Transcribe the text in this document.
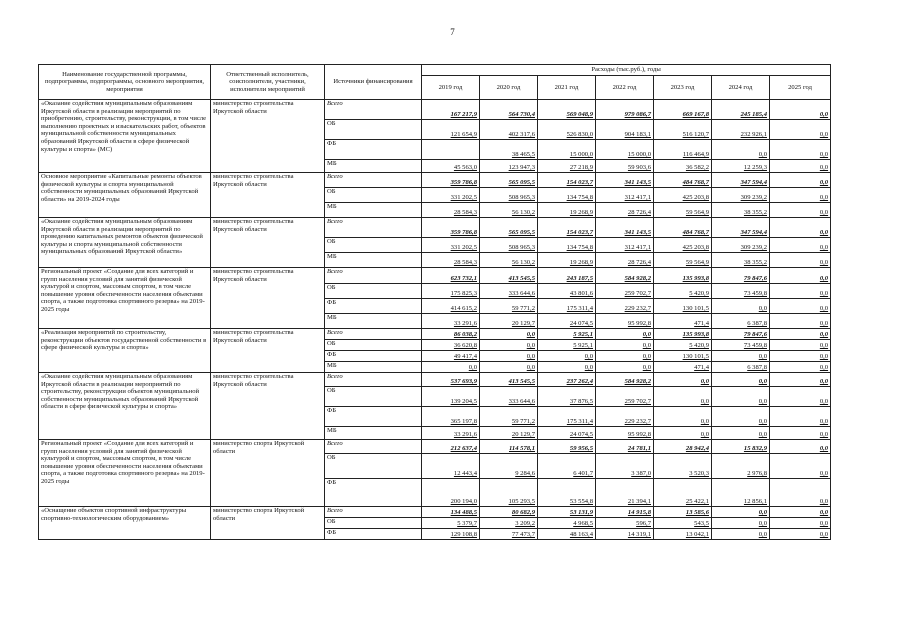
7
Наименование государственной программы, подпрограммы, подпрограммы, основного мероприятия, мероприятия	Ответственный исполнитель, соисполнители, участники, исполнители мероприятий	Источники финансирования	Расходы (тыс.руб.), годы						
			2019 год	2020 год	2021 год	2022 год	2023 год	2024 год	2025 год
«Оказание содействия муниципальным образованиям Иркутской области в реализации мероприятий по приобретению, строительству, реконструкции, в том числе выполнению проектных и изыскательских работ, объектов муниципальной собственности муниципальных образований Иркутской области в сфере физической культуры и спорта» (МС)	министерство строительства Иркутской области	Всего	167 217,9	564 730,4	569 048,9	979 086,7	669 167,8	245 185,4	0,0
		ОБ	121 654,9	402 317,6	526 830,0	904 183,1	516 120,7	232 926,1	0,0
		ФБ		38 465,5	15 000,0	15 000,0	116 464,9	0,0	0,0
		МБ	45 563,0	123 947,3	27 218,9	59 903,6	36 582,2	12 259,3	0,0
Основное мероприятие «Капитальные ремонты объектов физической культуры и спорта муниципальной собственности муниципальных образований Иркутской области» на 2019-2024 годы	министерство строительства Иркутской области	Всего	359 786,8	565 095,5	154 023,7	341 143,5	484 768,7	347 594,4	0,0
		ОБ	331 202,5	508 965,3	134 754,8	312 417,1	425 203,8	309 239,2	0,0
		МБ	28 584,3	56 130,2	19 268,9	28 726,4	59 564,9	38 355,2	0,0
«Оказание содействия муниципальным образованиям Иркутской области в реализации мероприятий по проведению капитальных ремонтов объектов физической культуры и спорта муниципальной собственности муниципальных образований Иркутской области»	министерство строительства Иркутской области	Всего	359 786,8	565 095,5	154 023,7	341 143,5	484 768,7	347 594,4	0,0
		ОБ	331 202,5	508 965,3	134 754,8	312 417,1	425 203,8	309 239,2	0,0
		МБ	28 584,3	56 130,2	19 268,9	28 726,4	59 564,9	38 355,2	0,0
Региональный проект «Создание для всех категорий и групп населения условий для занятий физической культурой и спортом, массовым спортом, в том числе повышение уровня обеспеченности населения объектами спорта, а также подготовка спортивного резерва» на 2019-2025 годы	министерство строительства Иркутской области	Всего	623 732,1	413 545,5	243 187,5	584 928,2	135 993,8	79 847,6	0,0
		ОБ	175 825,3	333 644,6	43 801,6	259 702,7	5 420,9	73 459,8	0,0
		ФБ	414 615,2	59 771,2	175 311,4	229 232,7	130 101,5	0,0	0,0
		МБ	33 291,6	20 129,7	24 074,5	95 992,8	471,4	6 387,8	0,0
«Реализация мероприятий по строительству, реконструкции объектов государственной собственности в сфере физической культуры и спорта»	министерство строительства Иркутской области	Всего	86 038,2	0,0	5 925,1	0,0	135 993,8	79 847,6	0,0
		ОБ	36 620,8	0,0	5 925,1	0,0	5 420,9	73 459,8	0,0
		ФБ	49 417,4	0,0	0,0	0,0	130 101,5	0,0	0,0
		МБ	0,0	0,0	0,0	0,0	471,4	6 387,8	0,0
«Оказание содействия муниципальным образованиям Иркутской области в реализации мероприятий по строительству, реконструкции объектов муниципальной собственности муниципальных образований Иркутской области в сфере физической культуры и спорта»	министерство строительства Иркутской области	Всего	537 693,9	413 545,5	237 262,4	584 928,2	0,0	0,0	0,0
		ОБ	139 204,5	333 644,6	37 876,5	259 702,7	0,0	0,0	0,0
		ФБ	365 197,8	59 771,2	175 311,4	229 232,7	0,0	0,0	0,0
		МБ	33 291,6	20 129,7	24 074,5	95 992,8	0,0	0,0	0,0
Региональный проект «Создание для всех категорий и групп населения условий для занятий физической культурой и спортом, массовым спортом, в том числе повышение уровня обеспеченности населения объектами спорта, а также подготовка спортивного резерва» на 2019-2025 годы	министерство спорта Иркутской области	Всего	212 637,4	114 578,1	59 956,5	24 781,1	28 942,4	15 832,9	0,0
		ОБ	12 443,4	9 284,6	6 401,7	3 387,0	3 520,3	2 976,8	0,0
		ФБ	200 194,0	105 293,5	53 554,8	21 394,1	25 422,1	12 856,1	0,0
«Оснащение объектов спортивной инфраструктуры спортивно-технологическим оборудованием»	министерство спорта Иркутской области	Всего	134 488,5	80 682,9	53 131,9	14 915,8	13 585,6	0,0	0,0
		ОБ	5 379,7	3 209,2	4 968,5	596,7	543,5	0,0	0,0
		ФБ	129 108,8	77 473,7	48 163,4	14 319,1	13 042,1	0,0	0,0
